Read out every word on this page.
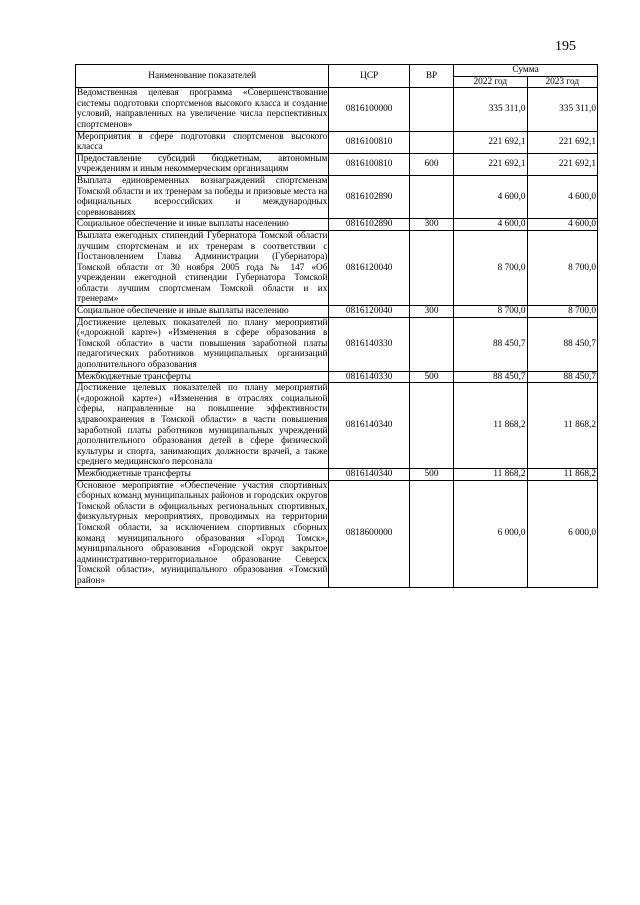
195
Наименование показателей	ЦСР	ВР	Сумма	
			2022 год	2023 год
Ведомственная целевая программа «Совершенствование системы подготовки спортсменов высокого класса и создание условий, направленных на увеличение числа перспективных спортсменов»	0816100000		335 311,0	335 311,0
Мероприятия в сфере подготовки спортсменов высокого класса	0816100810		221 692,1	221 692,1
Предоставление субсидий бюджетным, автономным учреждениям и иным некоммерческим организациям	0816100810	600	221 692,1	221 692,1
Выплата единовременных вознаграждений спортсменам Томской области и их тренерам за победы и призовые места на официальных всероссийских и международных соревнованиях	0816102890		4 600,0	4 600,0
Социальное обеспечение и иные выплаты населению	0816102890	300	4 600,0	4 600,0
Выплата ежегодных стипендий Губернатора Томской области лучшим спортсменам и их тренерам в соответствии с Постановлением Главы Администрации (Губернатора) Томской области от 30 ноября 2005 года № 147 «Об учреждении ежегодной стипендии Губернатора Томской области лучшим спортсменам Томской области и их тренерам»	0816120040		8 700,0	8 700,0
Социальное обеспечение и иные выплаты населению	0816120040	300	8 700,0	8 700,0
Достижение целевых показателей по плану мероприятий («дорожной карте») «Изменения в сфере образования в Томской области» в части повышения заработной платы педагогических работников муниципальных организаций дополнительного образования	0816140330		88 450,7	88 450,7
Межбюджетные трансферты	0816140330	500	88 450,7	88 450,7
Достижение целевых показателей по плану мероприятий («дорожной карте») «Изменения в отраслях социальной сферы, направленные на повышение эффективности здравоохранения в Томской области» в части повышения заработной платы работников муниципальных учреждений дополнительного образования детей в сфере физической культуры и спорта, занимающих должности врачей, а также среднего медицинского персонала	0816140340		11 868,2	11 868,2
Межбюджетные трансферты	0816140340	500	11 868,2	11 868,2
Основное мероприятие «Обеспечение участия спортивных сборных команд муниципальных районов и городских округов Томской области в официальных региональных спортивных, физкультурных мероприятиях, проводимых на территории Томской области, за исключением спортивных сборных команд муниципального образования «Город Томск», муниципального образования «Городской округ закрытое административно-территориальное образование Северск Томской области», муниципального образования «Томский район»	0818600000		6 000,0	6 000,0
